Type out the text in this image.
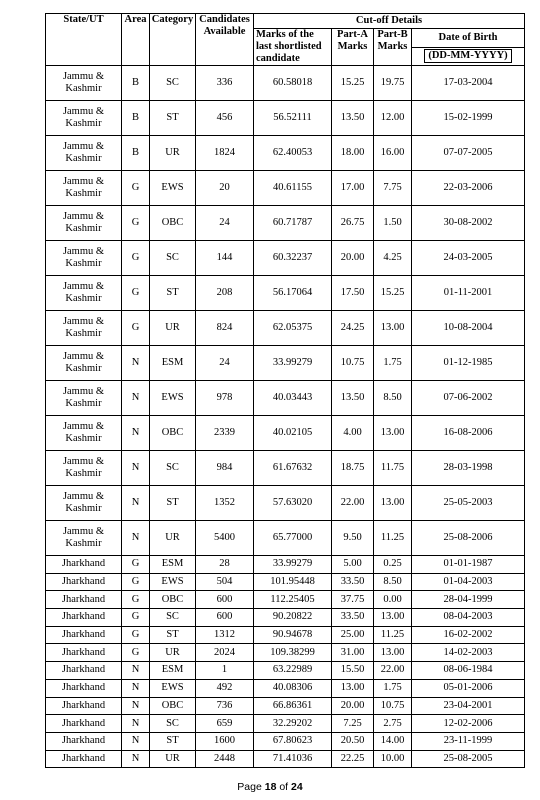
State/UT	Area	Category	Candidates Available	Cut-off Details			
				Marks of the last shortlisted candidate	Part-A Marks	Part-B Marks	Date of Birth
							(DD-MM-YYYY)
Jammu & Kashmir	B	SC	336	60.58018	15.25	19.75	17-03-2004
Jammu & Kashmir	B	ST	456	56.52111	13.50	12.00	15-02-1999
Jammu & Kashmir	B	UR	1824	62.40053	18.00	16.00	07-07-2005
Jammu & Kashmir	G	EWS	20	40.61155	17.00	7.75	22-03-2006
Jammu & Kashmir	G	OBC	24	60.71787	26.75	1.50	30-08-2002
Jammu & Kashmir	G	SC	144	60.32237	20.00	4.25	24-03-2005
Jammu & Kashmir	G	ST	208	56.17064	17.50	15.25	01-11-2001
Jammu & Kashmir	G	UR	824	62.05375	24.25	13.00	10-08-2004
Jammu & Kashmir	N	ESM	24	33.99279	10.75	1.75	01-12-1985
Jammu & Kashmir	N	EWS	978	40.03443	13.50	8.50	07-06-2002
Jammu & Kashmir	N	OBC	2339	40.02105	4.00	13.00	16-08-2006
Jammu & Kashmir	N	SC	984	61.67632	18.75	11.75	28-03-1998
Jammu & Kashmir	N	ST	1352	57.63020	22.00	13.00	25-05-2003
Jammu & Kashmir	N	UR	5400	65.77000	9.50	11.25	25-08-2006
Jharkhand	G	ESM	28	33.99279	5.00	0.25	01-01-1987
Jharkhand	G	EWS	504	101.95448	33.50	8.50	01-04-2003
Jharkhand	G	OBC	600	112.25405	37.75	0.00	28-04-1999
Jharkhand	G	SC	600	90.20822	33.50	13.00	08-04-2003
Jharkhand	G	ST	1312	90.94678	25.00	11.25	16-02-2002
Jharkhand	G	UR	2024	109.38299	31.00	13.00	14-02-2003
Jharkhand	N	ESM	1	63.22989	15.50	22.00	08-06-1984
Jharkhand	N	EWS	492	40.08306	13.00	1.75	05-01-2006
Jharkhand	N	OBC	736	66.86361	20.00	10.75	23-04-2001
Jharkhand	N	SC	659	32.29202	7.25	2.75	12-02-2006
Jharkhand	N	ST	1600	67.80623	20.50	14.00	23-11-1999
Jharkhand	N	UR	2448	71.41036	22.25	10.00	25-08-2005
Page 18 of 24
